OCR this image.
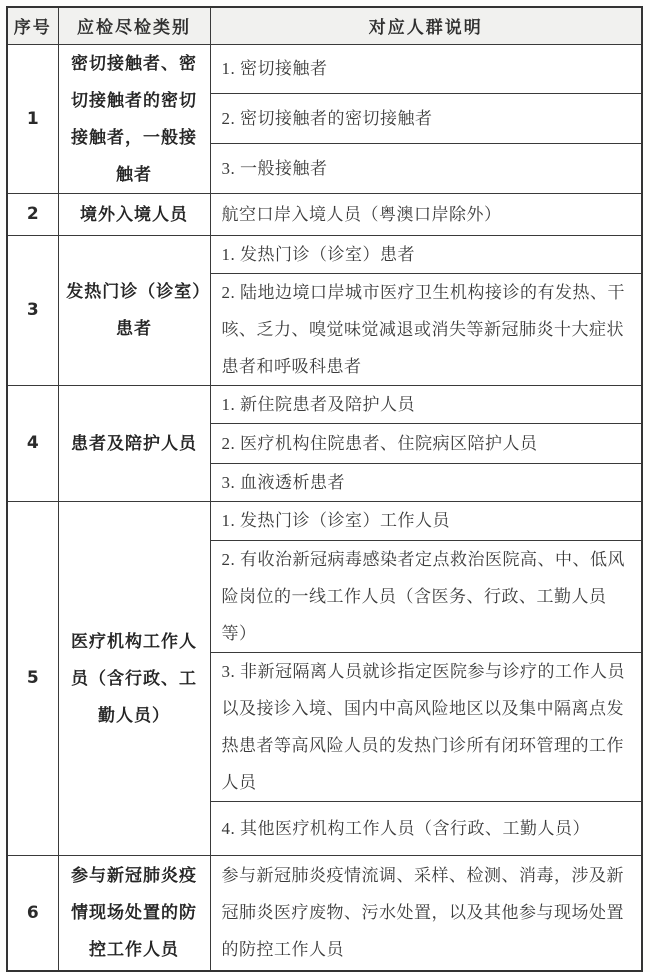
序号	应检尽检类别	对应人群说明
1	密切接触者、密切接触者的密切接触者，一般接触者	1. 密切接触者
		2. 密切接触者的密切接触者
		3. 一般接触者
2	境外入境人员	航空口岸入境人员（粤澳口岸除外）
3	发热门诊（诊室）患者	1. 发热门诊（诊室）患者
		2. 陆地边境口岸城市医疗卫生机构接诊的有发热、干咳、乏力、嗅觉味觉减退或消失等新冠肺炎十大症状患者和呼吸科患者
4	患者及陪护人员	1. 新住院患者及陪护人员
		2. 医疗机构住院患者、住院病区陪护人员
		3. 血液透析患者
5	医疗机构工作人员（含行政、工勤人员）	1. 发热门诊（诊室）工作人员
		2. 有收治新冠病毒感染者定点救治医院高、中、低风险岗位的一线工作人员（含医务、行政、工勤人员等）
		3. 非新冠隔离人员就诊指定医院参与诊疗的工作人员以及接诊入境、国内中高风险地区以及集中隔离点发热患者等高风险人员的发热门诊所有闭环管理的工作人员
		4. 其他医疗机构工作人员（含行政、工勤人员）
6	参与新冠肺炎疫情现场处置的防控工作人员	参与新冠肺炎疫情流调、采样、检测、消毒，涉及新冠肺炎医疗废物、污水处置，以及其他参与现场处置的防控工作人员
